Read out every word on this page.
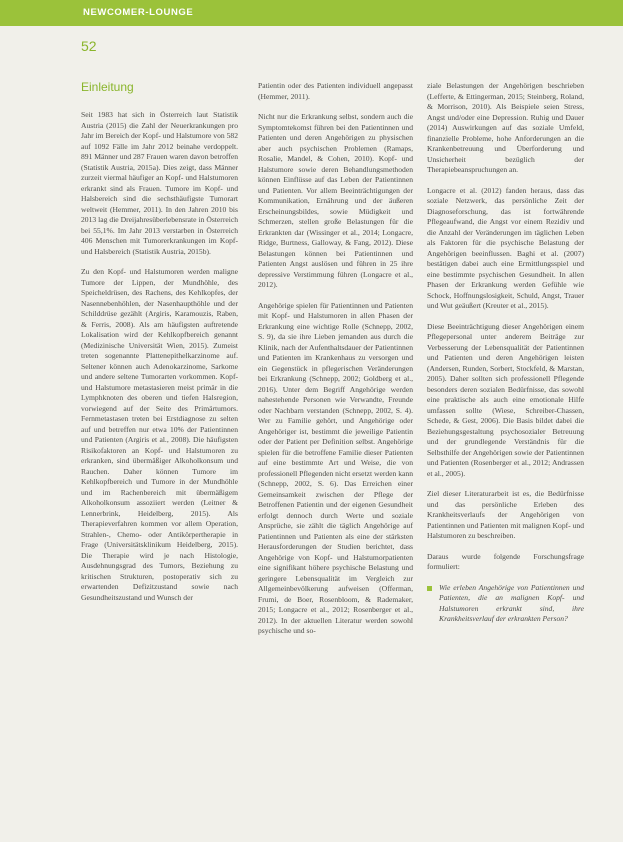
NEWCOMER-LOUNGE
52
Einleitung

Seit 1983 hat sich in Österreich laut Statistik Austria (2015) die Zahl der Neuerkrankungen pro Jahr im Bereich der Kopf- und Halstumore von 582 auf 1092 Fälle im Jahr 2012 beinahe verdoppelt. 891 Männer und 287 Frauen waren davon betroffen (Statistik Austria, 2015a). Dies zeigt, dass Männer zurzeit viermal häufiger an Kopf- und Halstumoren erkrankt sind als Frauen. Tumore im Kopf- und Halsbereich sind die sechsthäufigste Tumorart weltweit (Hemmer, 2011). In den Jahren 2010 bis 2013 lag die Dreijahresüberlebensrate in Österreich bei 55,1%. Im Jahr 2013 verstarben in Österreich 406 Menschen mit Tumorerkrankungen im Kopf- und Halsbereich (Statistik Austria, 2015b).

Zu den Kopf- und Halstumoren werden maligne Tumore der Lippen, der Mundhöhle, des Speicheldrüsen, des Rachens, des Kehlkopfes, der Nasennebenhöhlen, der Nasenhaupthöhle und der Schilddrüse gezählt (Argiris, Karamouzis, Raben, & Ferris, 2008). Als am häufigsten auftretende Lokalisation wird der Kehlkopfbereich genannt (Medizinische Universität Wien, 2015). Zumeist treten sogenannte Plattenepithelkarzinome auf. Seltener können auch Adenokarzinome, Sarkome und andere seltene Tumorarten vorkommen. Kopf- und Halstumore metastasieren meist primär in die Lymphknoten des oberen und tiefen Halsregion, vorwiegend auf der Seite des Primärtumors. Fernmetastasen treten bei Erstdiagnose zu selten auf und betreffen nur etwa 10% der Patientinnen und Patienten (Argiris et al., 2008). Die häufigsten Risikofaktoren an Kopf- und Halstumoren zu erkranken, sind übermäßiger Alkoholkonsum und Rauchen. Daher können Tumore im Kehlkopfbereich und Tumore in der Mundhöhle und im Rachenbereich mit übermäßigem Alkoholkonsum assoziiert werden (Leitner & Lennerbrink, Heidelberg, 2015). Als Therapieverfahren kommen vor allem Operation, Strahlen-, Chemo- oder Antikörpertherapie in Frage (Universitätsklinikum Heidelberg, 2015). Die Therapie wird je nach Histologie, Ausdehnungsgrad des Tumors, Beziehung zu kritischen Strukturen, postoperativ sich zu erwartenden Defizitzustand sowie nach Gesundheitszustand und Wunsch der

Patientin oder des Patienten individuell angepasst (Hemmer, 2011).

Nicht nur die Erkrankung selbst, sondern auch die Symptomtekomst führen bei den Patientinnen und Patienten und deren Angehörigen zu physischen aber auch psychischen Problemen (Ramaps, Rosalie, Mandel, & Cohen, 2010). Kopf- und Halstumore sowie deren Behandlungsmethoden können Einflüsse auf das Leben der Patientinnen und Patienten. Vor allem Beeinträchtigungen der Kommunikation, Ernährung und der äußeren Erscheinungsbildes, sowie Müdigkeit und Schmerzen, stellen große Belastungen für die Erkrankten dar (Wissinger et al., 2014; Longacre, Ridge, Burtness, Galloway, & Fang, 2012). Diese Belastungen können bei Patientinnen und Patienten Angst auslösen und führen in 25 ihre depressive Verstimmung führen (Longacre et al., 2012).

Angehörige spielen für Patientinnen und Patienten mit Kopf- und Halstumoren in allen Phasen der Erkrankung eine wichtige Rolle (Schnepp, 2002, S. 9), da sie ihre Lieben jemanden aus durch die Klinik, nach der Aufenthaltsdauer der Patientinnen und Patienten im Krankenhaus zu versorgen und ein Gegenstück in pflegerischen Veränderungen bei Erkrankung (Schnepp, 2002; Goldberg et al., 2016). Unter dem Begriff Angehörige werden nahestehende Personen wie Verwandte, Freunde oder Nachbarn verstanden (Schnepp, 2002, S. 4). Wer zu Familie gehört, und Angehörige oder Angehöriger ist, bestimmt die jeweilige Patientin oder der Patient per Definition selbst. Angehörige spielen für die betroffene Familie dieser Patienten auf eine bestimmte Art und Weise, die von professionell Pflegenden nicht ersetzt werden kann (Schnepp, 2002, S. 6). Das Erreichen einer Gemeinsamkeit zwischen der Pflege der Betroffenen Patientin und der eigenen Gesundheit erfolgt dennoch durch Werte und soziale Ansprüche, sie zählt die täglich Angehörige auf Patientinnen und Patienten als eine der stärksten Herausforderungen der Studien berichtet, dass Angehörige von Kopf- und Halstumorpatienten eine signifikant höhere psychische Belastung und geringere Lebensqualität im Vergleich zur Allgemeinbevölkerung aufweisen (Offerman, Frumi, de Boer, Rosenbloom, & Rademaker, 2015; Longacre et al., 2012; Rosenberger et al., 2012). In der aktuellen Literatur werden sowohl psychische und so-

ziale Belastungen der Angehörigen beschrieben (Lefferte, & Ettingerman, 2015; Steinberg, Roland, & Morrison, 2010). Als Beispiele seien Stress, Angst und/oder eine Depression. Ruhig und Dauer (2014) Auswirkungen auf das soziale Umfeld, finanzielle Probleme, hohe Anforderungen an die Krankenbetreuung und Überforderung und Unsicherheit bezüglich der Therapiebeanspruchungen an.

Longacre et al. (2012) fanden heraus, dass das soziale Netzwerk, das persönliche Zeit der Diagnoseforschung, das ist fortwährende Pflegeaufwand, die Angst vor einem Rezidiv und die Anzahl der Veränderungen im täglichen Leben als Faktoren für die psychische Belastung der Angehörigen beeinflussen. Baghi et al. (2007) bestätigen dabei auch eine Ermittlungsspiel und eine bestimmte psychischen Gesundheit. In allen Phasen der Erkrankung werden Gefühle wie Schock, Hoffnungslosigkeit, Schuld, Angst, Trauer und Wut geäußert (Kreuter et al., 2015).

Diese Beeinträchtigung dieser Angehörigen einem Pflegepersonal unter anderem Beiträge zur Verbesserung der Lebensqualität der Patientinnen und Patienten und deren Angehörigen leisten (Andersen, Runden, Sorbert, Stockfeld, & Marstan, 2005). Daher sollten sich professionell Pflegende besonders deren sozialen Bedürfnisse, das sowohl eine praktische als auch eine emotionale Hilfe umfassen sollte (Wiese, Schreiber-Chassen, Schede, & Gest, 2006). Die Basis bildet dabei die Beziehungsgestaltung psychosozialer Betreuung und der grundlegende Verständnis für die Selbsthilfe der Angehörigen sowie der Patientinnen und Patienten (Rosenberger et al., 2012; Andrassen et al., 2005).

Ziel dieser Literaturarbeit ist es, die Bedürfnisse und das persönliche Erleben des Krankheitsverlaufs der Angehörigen von Patientinnen und Patienten mit malignen Kopf- und Halstumoren zu beschreiben.

Daraus wurde folgende Forschungsfrage formuliert:

Wie erleben Angehörige von Patientinnen und Patienten, die an malignen Kopf- und Halstumoren erkrankt sind, ihre Krankheitsverlauf der erkrankten Person?
